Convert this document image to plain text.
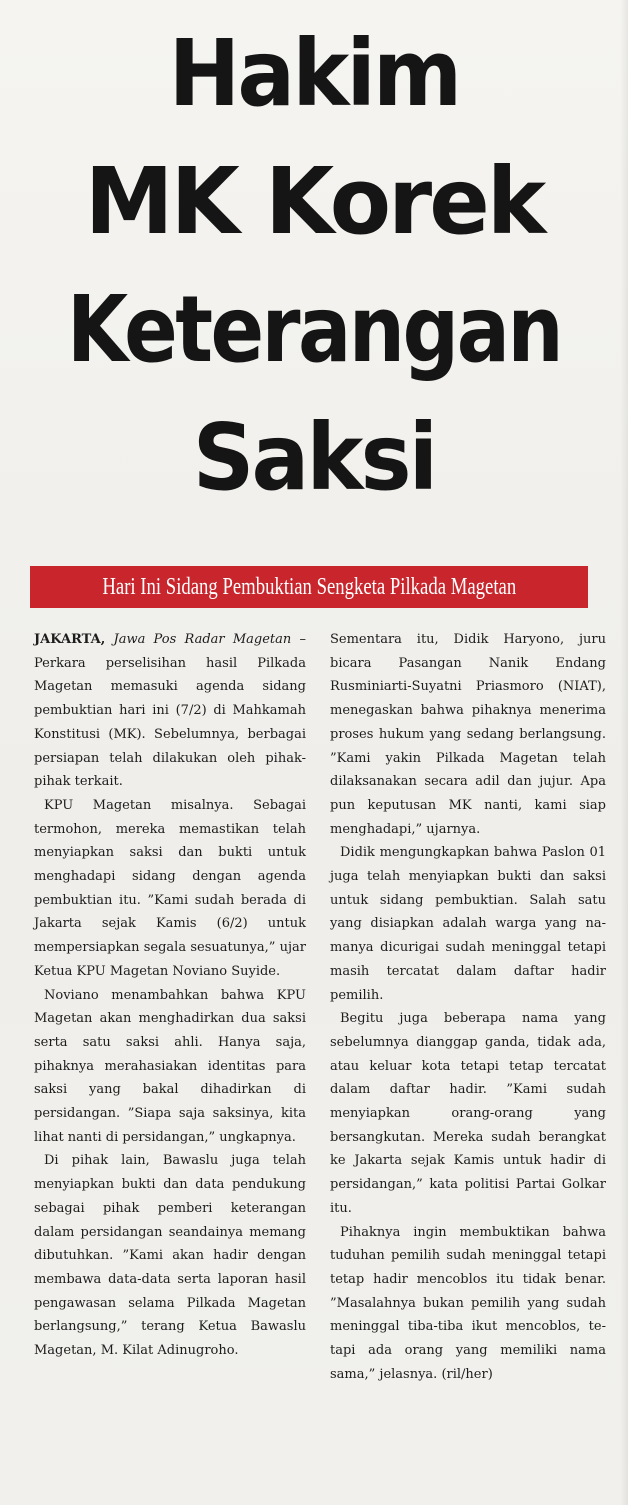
Hakim
MK Korek
Keterangan
Saksi
Hari Ini Sidang Pembuktian Sengketa Pilkada Magetan

JAKARTA, Jawa Pos Radar Magetan – Perkara perselisihan hasil Pilkada Magetan memasuki agenda sidang pembuktian hari ini (7/2) di Mahkamah Konstitusi (MK). Sebelumnya, berbagai persiapan telah dilakukan oleh pihak-pihak terkait.

KPU Magetan misalnya. Sebagai termohon, mereka memastikan telah menyiapkan saksi dan bukti untuk menghadapi sidang dengan agenda pembuktian itu. ”Kami sudah berada di Jakarta sejak Kamis (6/2) untuk mempersiapkan segala sesuatunya,” ujar Ketua KPU Magetan Noviano Suyide.

Noviano menambahkan bahwa KPU Magetan akan menghadirkan dua saksi serta satu saksi ahli. Hanya saja, pihaknya merahasiakan identitas para saksi yang bakal dihadirkan di persidangan. ”Siapa saja saksinya, kita lihat nanti di persidangan,” ungkapnya.

Di pihak lain, Bawaslu juga telah menyiapkan bukti dan data pendukung sebagai pihak pemberi keterangan dalam persidangan seandainya memang dibutuhkan. ”Kami akan hadir dengan membawa data-data serta laporan hasil pengawasan selama Pilkada Magetan berlangsung,” terang Ketua Bawaslu Magetan, M. Kilat Adinugroho.

Sementara itu, Didik Haryono, juru bicara Pasangan Nanik Endang Rusminiarti-Suyatni Priasmoro (NIAT), menegaskan bahwa pihaknya menerima proses hukum yang sedang berlangsung. ”Kami yakin Pilkada Magetan telah dilaksanakan secara adil dan jujur. Apa pun keputusan MK nanti, kami siap menghadapi,” ujarnya.

Didik mengungkapkan bahwa Paslon 01 juga telah menyiapkan bukti dan saksi untuk sidang pembuktian. Salah satu yang disiapkan adalah warga yang namanya dicurigai sudah meninggal tetapi masih tercatat dalam daftar hadir pemilih.

Begitu juga beberapa nama yang sebelumnya dianggap ganda, tidak ada, atau keluar kota tetapi tetap tercatat dalam daftar hadir. ”Kami sudah menyiapkan orang-orang yang bersangkutan. Mereka sudah berangkat ke Jakarta sejak Kamis untuk hadir di persidangan,” kata politisi Partai Golkar itu.

Pihaknya ingin membuktikan bahwa tuduhan pemilih sudah meninggal tetapi tetap hadir mencoblos itu tidak benar. ”Masalahnya bukan pemilih yang sudah meninggal tiba-tiba ikut mencoblos, tetapi ada orang yang memiliki nama sama,” jelasnya. (ril/her)
